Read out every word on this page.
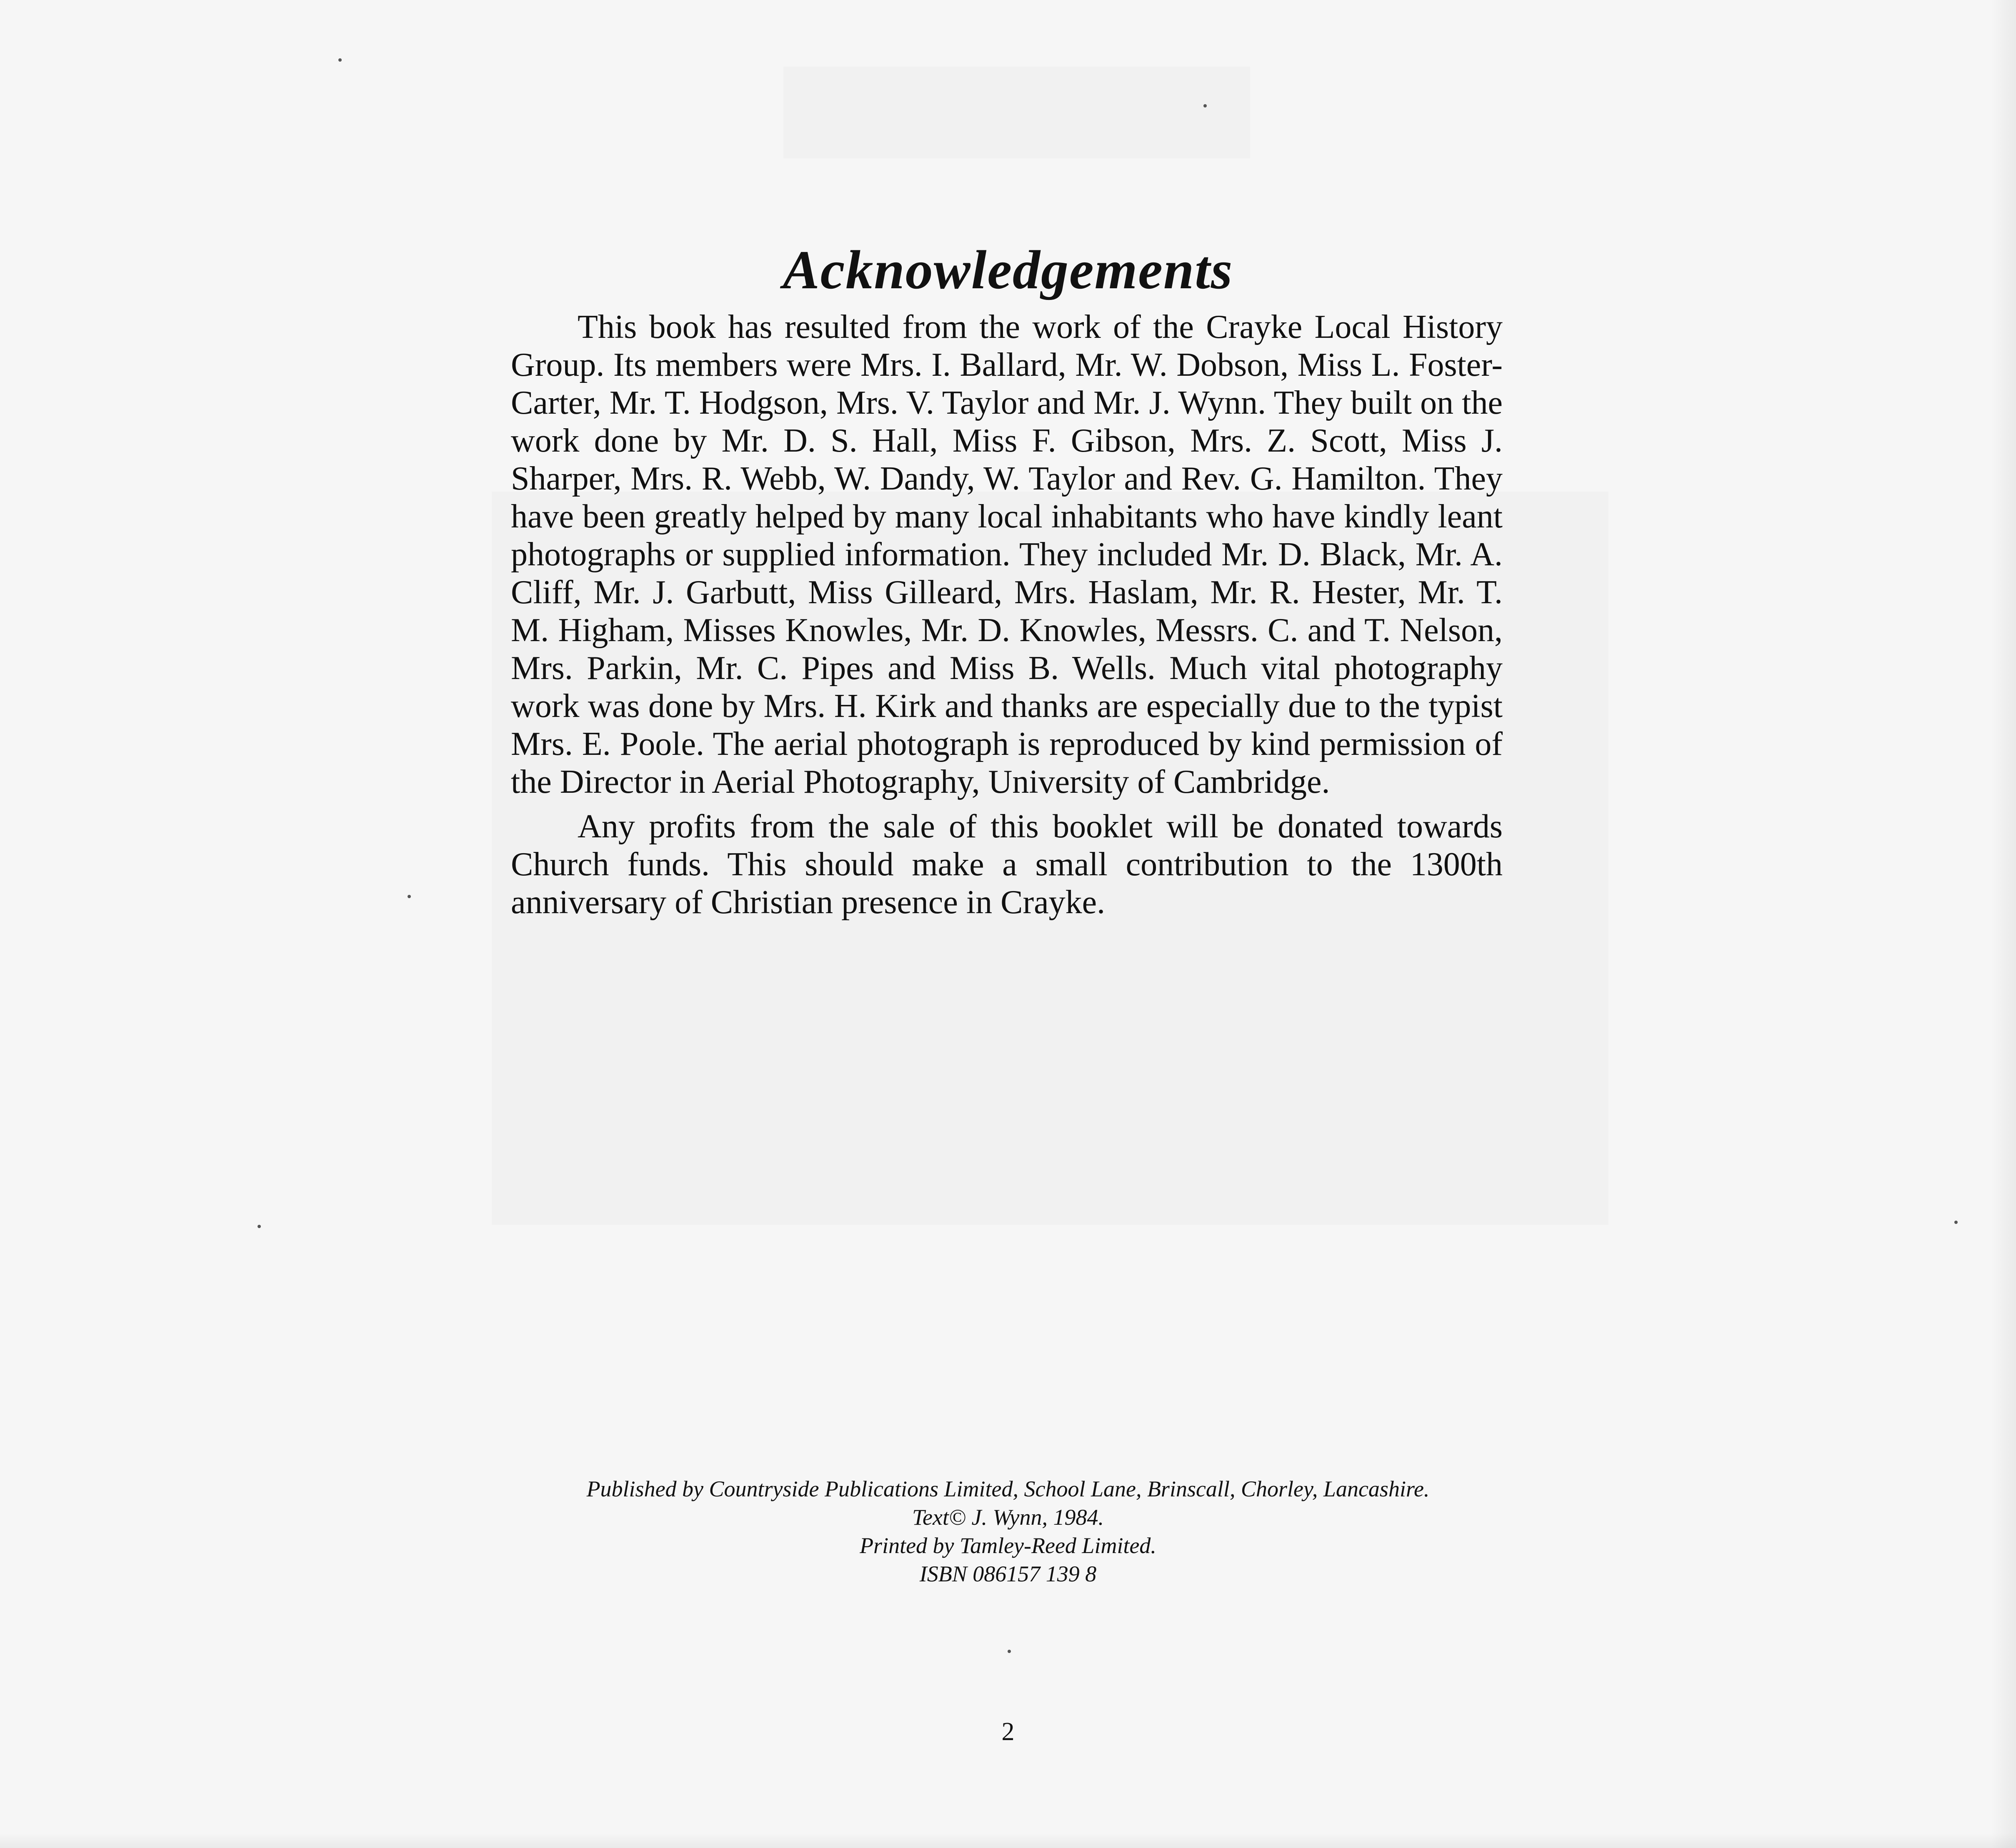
Acknowledgements

This book has resulted from the work of the Crayke Local History Group. Its members were Mrs. I. Ballard, Mr. W. Dobson, Miss L. Foster-Carter, Mr. T. Hodgson, Mrs. V. Taylor and Mr. J. Wynn. They built on the work done by Mr. D. S. Hall, Miss F. Gibson, Mrs. Z. Scott, Miss J. Sharper, Mrs. R. Webb, W. Dandy, W. Taylor and Rev. G. Hamilton. They have been greatly helped by many local inhabitants who have kindly leant photographs or supplied information. They included Mr. D. Black, Mr. A. Cliff, Mr. J. Garbutt, Miss Gilleard, Mrs. Haslam, Mr. R. Hester, Mr. T. M. Higham, Misses Knowles, Mr. D. Knowles, Messrs. C. and T. Nelson, Mrs. Parkin, Mr. C. Pipes and Miss B. Wells. Much vital photography work was done by Mrs. H. Kirk and thanks are especially due to the typist Mrs. E. Poole. The aerial photograph is reproduced by kind permission of the Director in Aerial Photography, University of Cambridge.

Any profits from the sale of this booklet will be donated towards Church funds. This should make a small contribution to the 1300th anniversary of Christian presence in Crayke.

Published by Countryside Publications Limited, School Lane, Brinscall, Chorley, Lancashire.
Text© J. Wynn, 1984.
Printed by Tamley-Reed Limited.
ISBN 086157 139 8
2
